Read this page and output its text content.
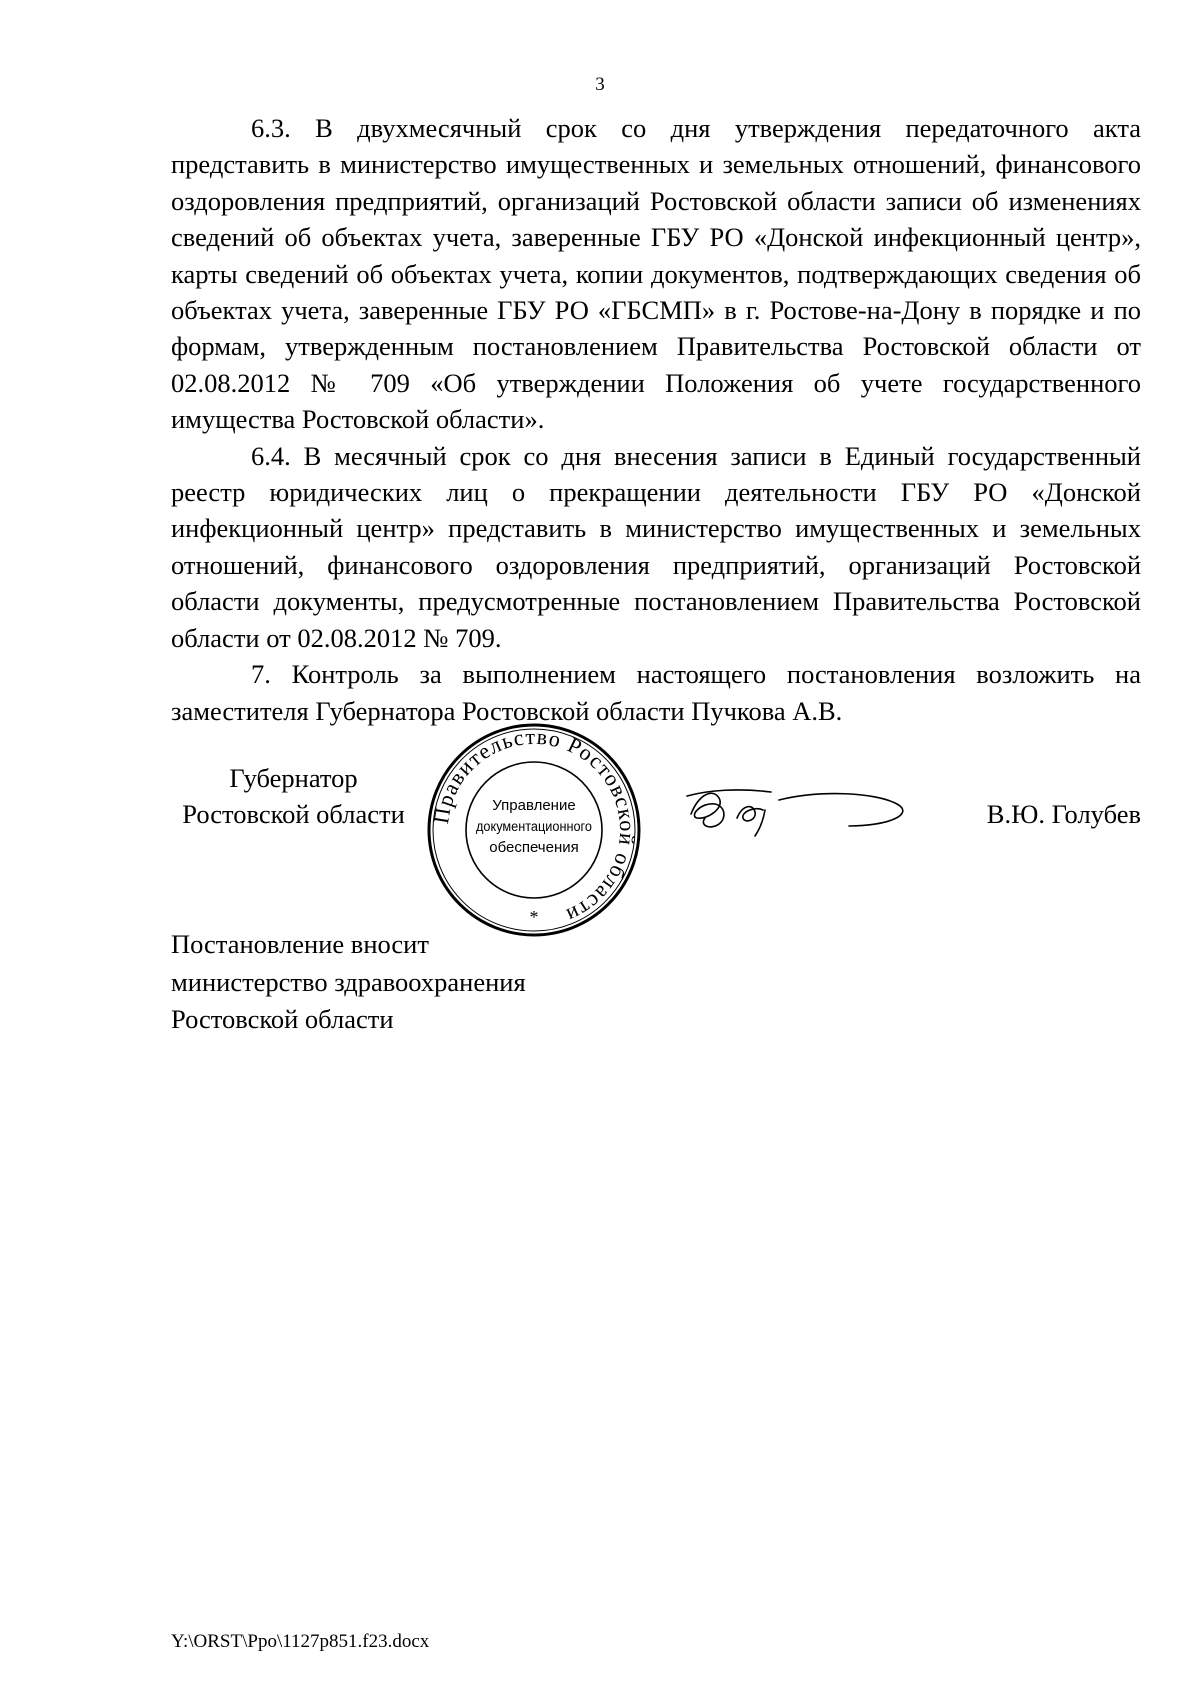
3

6.3. В двухмесячный срок со дня утверждения передаточного акта представить в министерство имущественных и земельных отношений, финансового оздоровления предприятий, организаций Ростовской области записи об изменениях сведений об объектах учета, заверенные ГБУ РО «Донской инфекционный центр», карты сведений об объектах учета, копии документов, подтверждающих сведения об объектах учета, заверенные ГБУ РО «ГБСМП» в г. Ростове-на-Дону в порядке и по формам, утвержденным постановлением Правительства Ростовской области от 02.08.2012 № 709 «Об утверждении Положения об учете государственного имущества Ростовской области».

6.4. В месячный срок со дня внесения записи в Единый государственный реестр юридических лиц о прекращении деятельности ГБУ РО «Донской инфекционный центр» представить в министерство имущественных и земельных отношений, финансового оздоровления предприятий, организаций Ростовской области документы, предусмотренные постановлением Правительства Ростовской области от 02.08.2012 № 709.

7. Контроль за выполнением настоящего постановления возложить на заместителя Губернатора Ростовской области Пучкова А.В.

Губернатор
Ростовской области	Правительство Ростовской области
Управление
документационного
обеспечения
*
В.Ю. Голубев
Постановление вносит
министерство здравоохранения
Ростовской области
Y:\ORST\Ppo\1127p851.f23.docx
